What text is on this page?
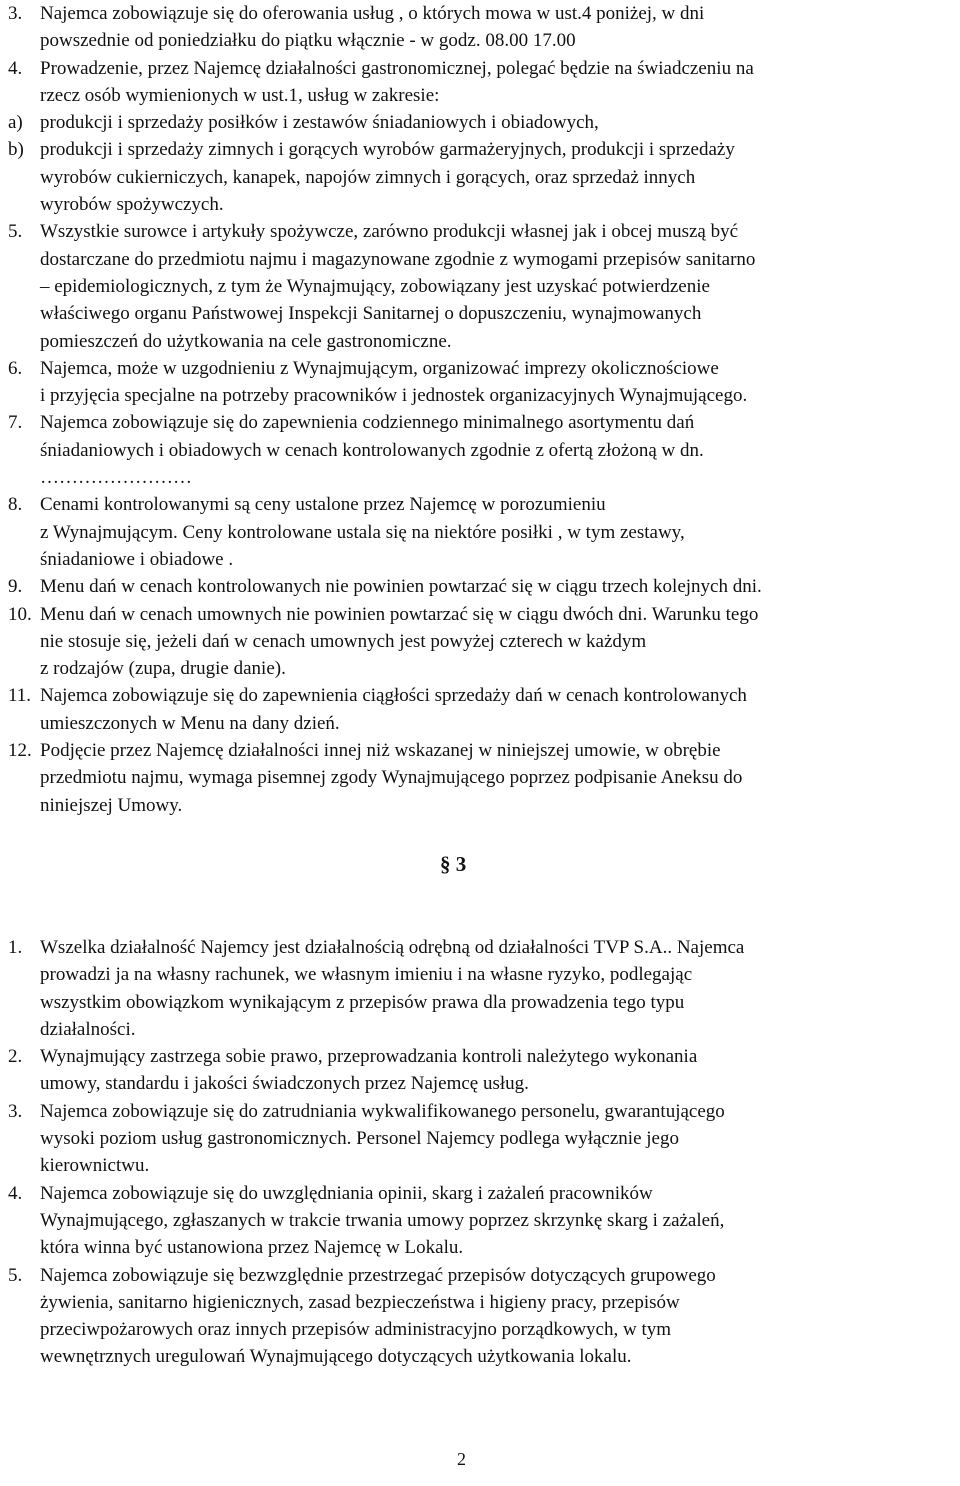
3. Najemca zobowiązuje się do oferowania usług , o których mowa w ust.4 poniżej, w dni
powszednie od poniedziałku do piątku włącznie - w godz. 08.00 17.00
4. Prowadzenie, przez Najemcę działalności gastronomicznej, polegać będzie na świadczeniu na
rzecz osób wymienionych w ust.1, usług w zakresie:
a) produkcji i sprzedaży posiłków i zestawów śniadaniowych i obiadowych,
b) produkcji i sprzedaży zimnych i gorących wyrobów garmażeryjnych, produkcji i sprzedaży
wyrobów cukierniczych, kanapek, napojów zimnych i gorących, oraz sprzedaż innych
wyrobów spożywczych.
5. Wszystkie surowce i artykuły spożywcze, zarówno produkcji własnej jak i obcej muszą być
dostarczane do przedmiotu najmu i magazynowane zgodnie z wymogami przepisów sanitarno
– epidemiologicznych, z tym że Wynajmujący, zobowiązany jest uzyskać potwierdzenie
właściwego organu Państwowej Inspekcji Sanitarnej o dopuszczeniu, wynajmowanych
pomieszczeń do użytkowania na cele gastronomiczne.
6. Najemca, może w uzgodnieniu z Wynajmującym, organizować imprezy okolicznościowe
i przyjęcia specjalne na potrzeby pracowników i jednostek organizacyjnych Wynajmującego.
7. Najemca zobowiązuje się do zapewnienia codziennego minimalnego asortymentu dań
śniadaniowych i obiadowych w cenach kontrolowanych zgodnie z ofertą złożoną w dn.
……………………
8. Cenami kontrolowanymi są ceny ustalone przez Najemcę w porozumieniu
z Wynajmującym. Ceny kontrolowane ustala się na niektóre posiłki , w tym zestawy,
śniadaniowe i obiadowe .
9. Menu dań w cenach kontrolowanych nie powinien powtarzać się w ciągu trzech kolejnych dni.
10. Menu dań w cenach umownych nie powinien powtarzać się w ciągu dwóch dni. Warunku tego
nie stosuje się, jeżeli dań w cenach umownych jest powyżej czterech w każdym
z rodzajów (zupa, drugie danie).
11. Najemca zobowiązuje się do zapewnienia ciągłości sprzedaży dań w cenach kontrolowanych
umieszczonych w Menu na dany dzień.
12. Podjęcie przez Najemcę działalności innej niż wskazanej w niniejszej umowie, w obrębie
przedmiotu najmu, wymaga pisemnej zgody Wynajmującego poprzez podpisanie Aneksu do
niniejszej Umowy.
§ 3
1. Wszelka działalność Najemcy jest działalnością odrębną od działalności TVP S.A.. Najemca
prowadzi ja na własny rachunek, we własnym imieniu i na własne ryzyko, podlegając
wszystkim obowiązkom wynikającym z przepisów prawa dla prowadzenia tego typu
działalności.
2. Wynajmujący zastrzega sobie prawo, przeprowadzania kontroli należytego wykonania
umowy, standardu i jakości świadczonych przez Najemcę usług.
3. Najemca zobowiązuje się do zatrudniania wykwalifikowanego personelu, gwarantującego
wysoki poziom usług gastronomicznych. Personel Najemcy podlega wyłącznie jego
kierownictwu.
4. Najemca zobowiązuje się do uwzględniania opinii, skarg i zażaleń pracowników
Wynajmującego, zgłaszanych w trakcie trwania umowy poprzez skrzynkę skarg i zażaleń,
która winna być ustanowiona przez Najemcę w Lokalu.
5. Najemca zobowiązuje się bezwzględnie przestrzegać przepisów dotyczących grupowego
żywienia, sanitarno higienicznych, zasad bezpieczeństwa i higieny pracy, przepisów
przeciwpożarowych oraz innych przepisów administracyjno porządkowych, w tym
wewnętrznych uregulowań Wynajmującego dotyczących użytkowania lokalu.
2
